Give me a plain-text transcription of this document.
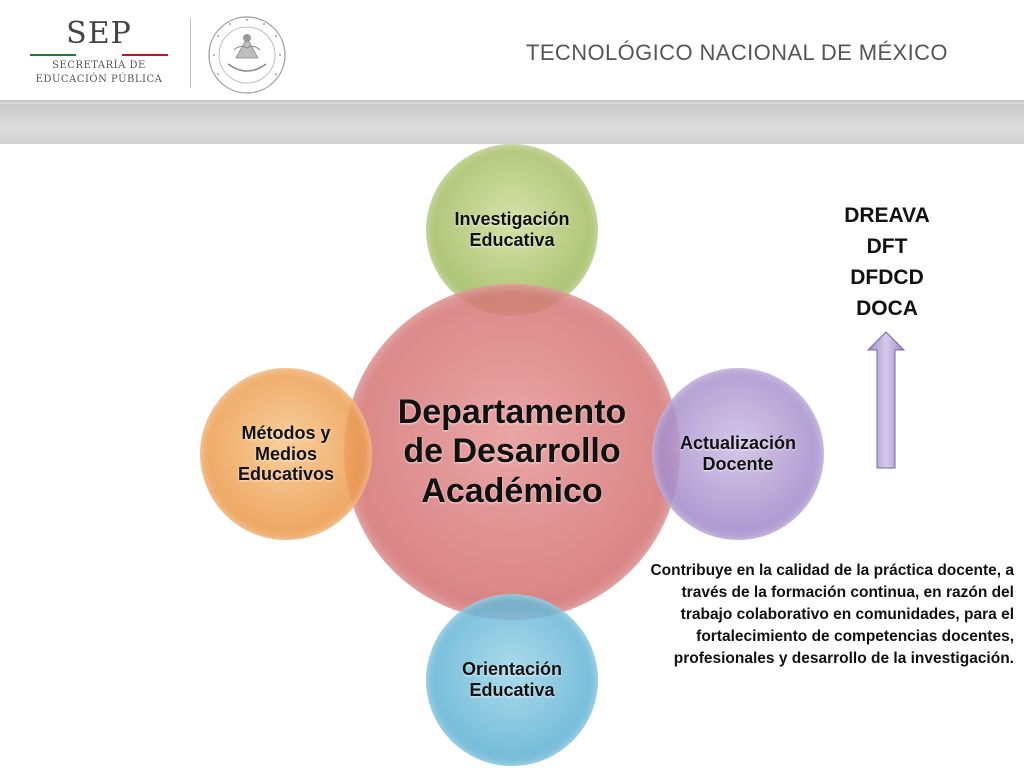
SEP
SECRETARÍA DE
EDUCACIÓN PÚBLICA
TECNOLÓGICO NACIONAL DE MÉXICO
Investigación
Educativa
Departamento
de Desarrollo
Académico
Métodos y
Medios
Educativos
Actualización
Docente
Orientación
Educativa
DREAVA
DFT
DFDCD
DOCA
Contribuye en la calidad de la práctica docente, a
través de la formación continua, en razón del
trabajo colaborativo en comunidades, para el
fortalecimiento de competencias docentes,
profesionales y desarrollo de la investigación.
